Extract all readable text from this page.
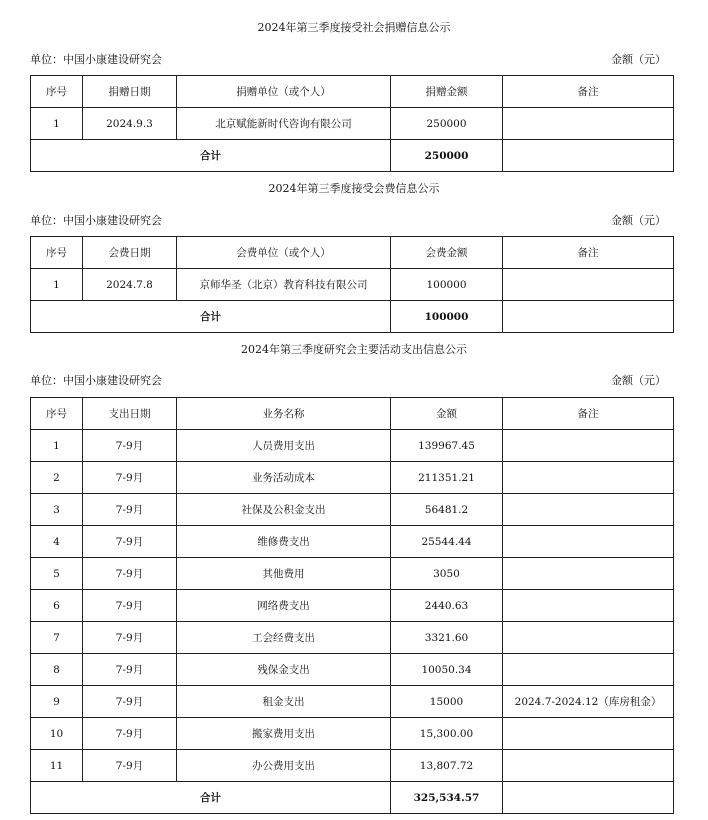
2024年第三季度接受社会捐赠信息公示
单位：中国小康建设研究会	金额（元）
序号	捐赠日期	捐赠单位（或个人）	捐赠金额	备注
1	2024.9.3	北京赋能新时代咨询有限公司	250000	
合计			250000	
2024年第三季度接受会费信息公示
单位：中国小康建设研究会	金额（元）
序号	会费日期	会费单位（或个人）	会费金额	备注
1	2024.7.8	京师华圣（北京）教育科技有限公司	100000	
合计			100000	
2024年第三季度研究会主要活动支出信息公示
单位：中国小康建设研究会	金额（元）
序号	支出日期	业务名称	金额	备注
1	7-9月	人员费用支出	139967.45	
2	7-9月	业务活动成本	211351.21	
3	7-9月	社保及公积金支出	56481.2	
4	7-9月	维修费支出	25544.44	
5	7-9月	其他费用	3050	
6	7-9月	网络费支出	2440.63	
7	7-9月	工会经费支出	3321.60	
8	7-9月	残保金支出	10050.34	
9	7-9月	租金支出	15000	2024.7-2024.12（库房租金）
10	7-9月	搬家费用支出	15,300.00	
11	7-9月	办公费用支出	13,807.72	
合计			325,534.57	
